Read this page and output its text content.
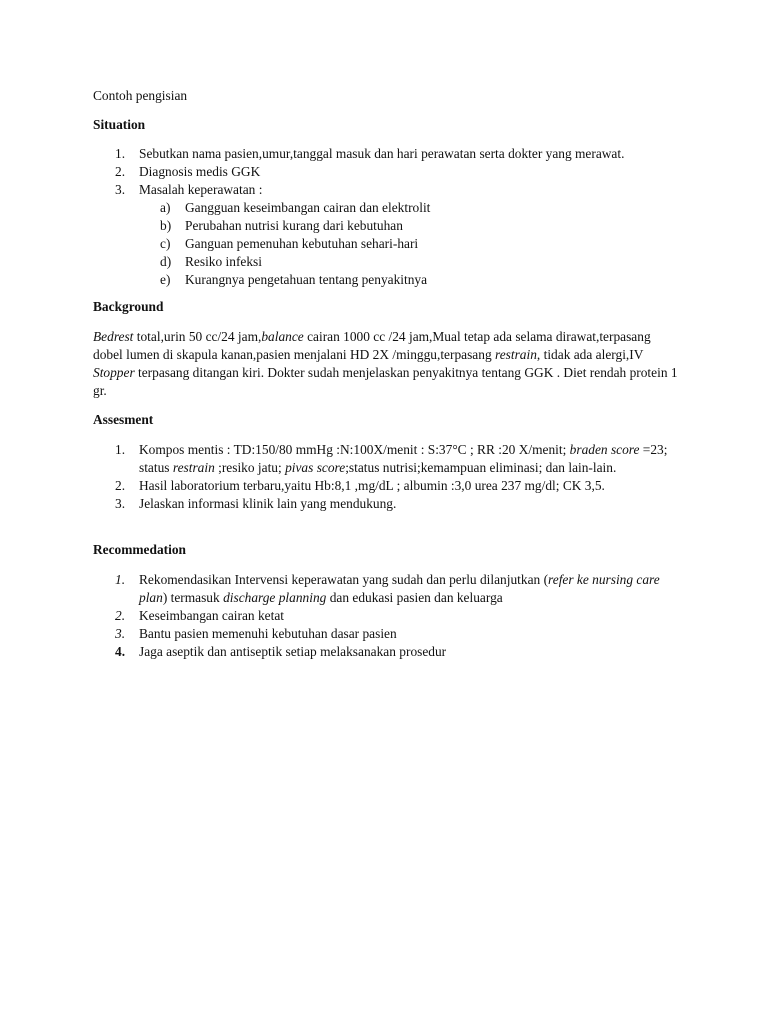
Contoh pengisian
Situation
1. Sebutkan nama pasien,umur,tanggal masuk dan hari perawatan serta dokter yang merawat.
2. Diagnosis medis GGK
3. Masalah keperawatan :
a) Gangguan keseimbangan cairan dan elektrolit
b) Perubahan nutrisi kurang dari kebutuhan
c) Ganguan pemenuhan kebutuhan sehari-hari
d) Resiko infeksi
e) Kurangnya pengetahuan tentang penyakitnya
Background
Bedrest total,urin 50 cc/24 jam,balance cairan 1000 cc /24 jam,Mual tetap ada selama dirawat,terpasang dobel lumen di skapula kanan,pasien menjalani HD 2X /minggu,terpasang restrain, tidak ada alergi,IV Stopper terpasang ditangan kiri. Dokter sudah menjelaskan penyakitnya tentang GGK . Diet rendah protein 1 gr.
Assesment
1. Kompos mentis : TD:150/80 mmHg :N:100X/menit : S:37°C ; RR :20 X/menit; braden score =23; status restrain ;resiko jatu; pivas score;status nutrisi;kemampuan eliminasi; dan lain-lain.
2. Hasil laboratorium terbaru,yaitu Hb:8,1 ,mg/dL ; albumin :3,0 urea 237 mg/dl; CK 3,5.
3. Jelaskan informasi klinik lain yang mendukung.
Recommedation
1. Rekomendasikan Intervensi keperawatan yang sudah dan perlu dilanjutkan (refer ke nursing care plan) termasuk discharge planning dan edukasi pasien dan keluarga
2. Keseimbangan cairan ketat
3. Bantu pasien memenuhi kebutuhan dasar pasien
4. Jaga aseptik dan antiseptik setiap melaksanakan prosedur
